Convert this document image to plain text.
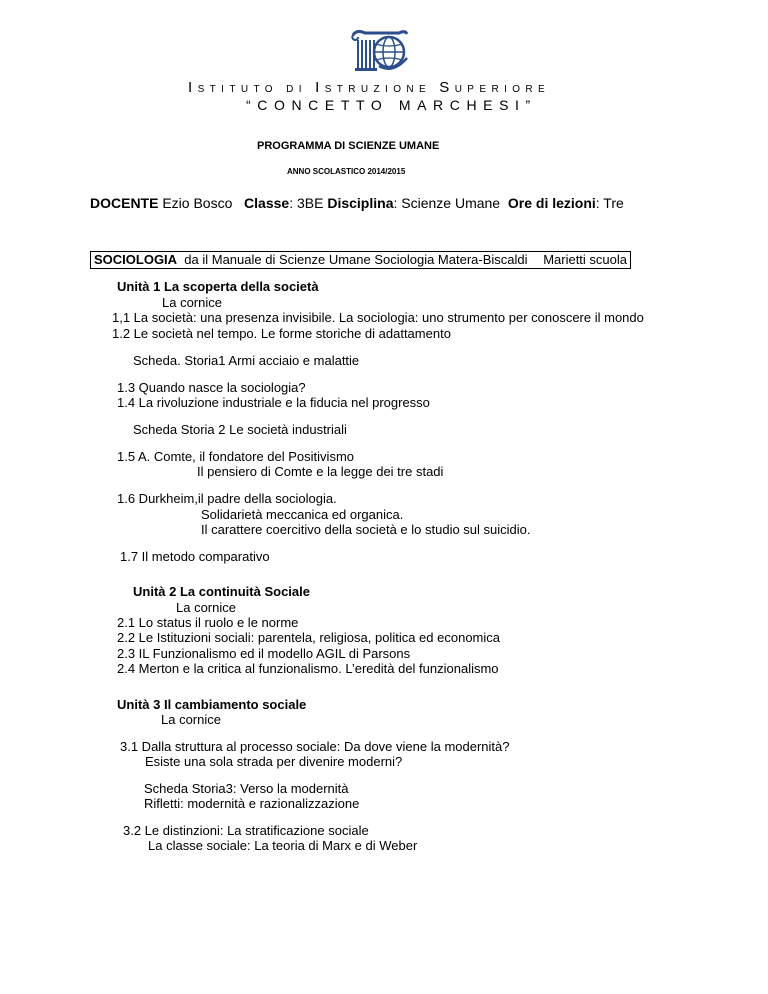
ISTITUTO DI ISTRUZIONE SUPERIORE
“CONCETTO MARCHESI”
PROGRAMMA DI SCIENZE UMANE
ANNO SCOLASTICO 2014/2015
DOCENTE Ezio Bosco   Classe: 3BE Disciplina: Scienze Umane  Ore di lezioni: Tre
SOCIOLOGIA  da il Manuale di Scienze Umane Sociologia Matera-Biscaldi Marietti scuola
Unità 1 La scoperta della società
La cornice
1,1 La società: una presenza invisibile. La sociologia: uno strumento per conoscere il mondo
1.2 Le società nel tempo. Le forme storiche di adattamento
Scheda. Storia1 Armi acciaio e malattie
1.3 Quando nasce la sociologia?
1.4 La rivoluzione industriale e la fiducia nel progresso
Scheda Storia 2 Le società industriali
1.5 A. Comte, il fondatore del Positivismo
Il pensiero di Comte e la legge dei tre stadi
1.6 Durkheim,il padre della sociologia.
Solidarietà meccanica ed organica.
Il carattere coercitivo della società e lo studio sul suicidio.
1.7 Il metodo comparativo
Unità 2 La continuità Sociale
La cornice
2.1 Lo status il ruolo e le norme
2.2 Le Istituzioni sociali: parentela, religiosa, politica ed economica
2.3 IL Funzionalismo ed il modello AGIL di Parsons
2.4 Merton e la critica al funzionalismo. L’eredità del funzionalismo
Unità 3 Il cambiamento sociale
La cornice
3.1 Dalla struttura al processo sociale: Da dove viene la modernità?
Esiste una sola strada per divenire moderni?
Scheda Storia3: Verso la modernità
Rifletti: modernità e razionalizzazione
3.2 Le distinzioni: La stratificazione sociale
La classe sociale: La teoria di Marx e di Weber
